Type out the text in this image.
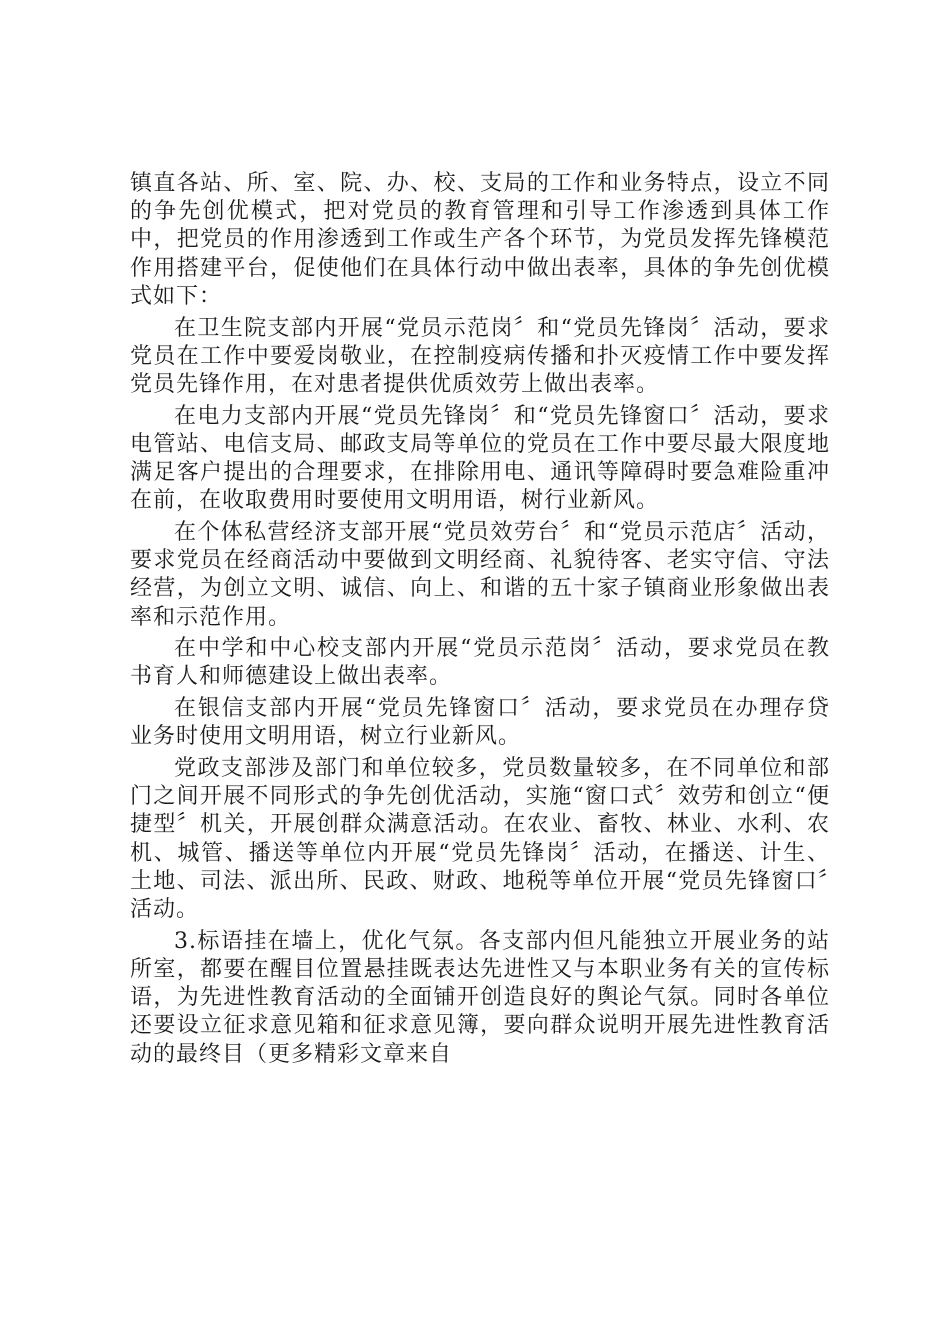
镇直各站、所、室、院、办、校、支局的工作和业务特点，设立不同的争先创优模式，把对党员的教育管理和引导工作渗透到具体工作中，把党员的作用渗透到工作或生产各个环节，为党员发挥先锋模范作用搭建平台，促使他们在具体行动中做出表率，具体的争先创优模式如下：

在卫生院支部内开展“党员示范岗〞和“党员先锋岗〞活动，要求党员在工作中要爱岗敬业，在控制疫病传播和扑灭疫情工作中要发挥党员先锋作用，在对患者提供优质效劳上做出表率。

在电力支部内开展“党员先锋岗〞和“党员先锋窗口〞活动，要求电管站、电信支局、邮政支局等单位的党员在工作中要尽最大限度地满足客户提出的合理要求，在排除用电、通讯等障碍时要急难险重冲在前，在收取费用时要使用文明用语，树行业新风。

在个体私营经济支部开展“党员效劳台〞和“党员示范店〞活动，要求党员在经商活动中要做到文明经商、礼貌待客、老实守信、守法经营，为创立文明、诚信、向上、和谐的五十家子镇商业形象做出表率和示范作用。

在中学和中心校支部内开展“党员示范岗〞活动，要求党员在教书育人和师德建设上做出表率。

在银信支部内开展“党员先锋窗口〞活动，要求党员在办理存贷业务时使用文明用语，树立行业新风。

党政支部涉及部门和单位较多，党员数量较多，在不同单位和部门之间开展不同形式的争先创优活动，实施“窗口式〞效劳和创立“便捷型〞机关，开展创群众满意活动。在农业、畜牧、林业、水利、农机、城管、播送等单位内开展“党员先锋岗〞活动，在播送、计生、土地、司法、派出所、民政、财政、地税等单位开展“党员先锋窗口〞活动。

3.标语挂在墙上，优化气氛。各支部内但凡能独立开展业务的站所室，都要在醒目位置悬挂既表达先进性又与本职业务有关的宣传标语，为先进性教育活动的全面铺开创造良好的舆论气氛。同时各单位还要设立征求意见箱和征求意见簿，要向群众说明开展先进性教育活动的最终目（更多精彩文章来自
